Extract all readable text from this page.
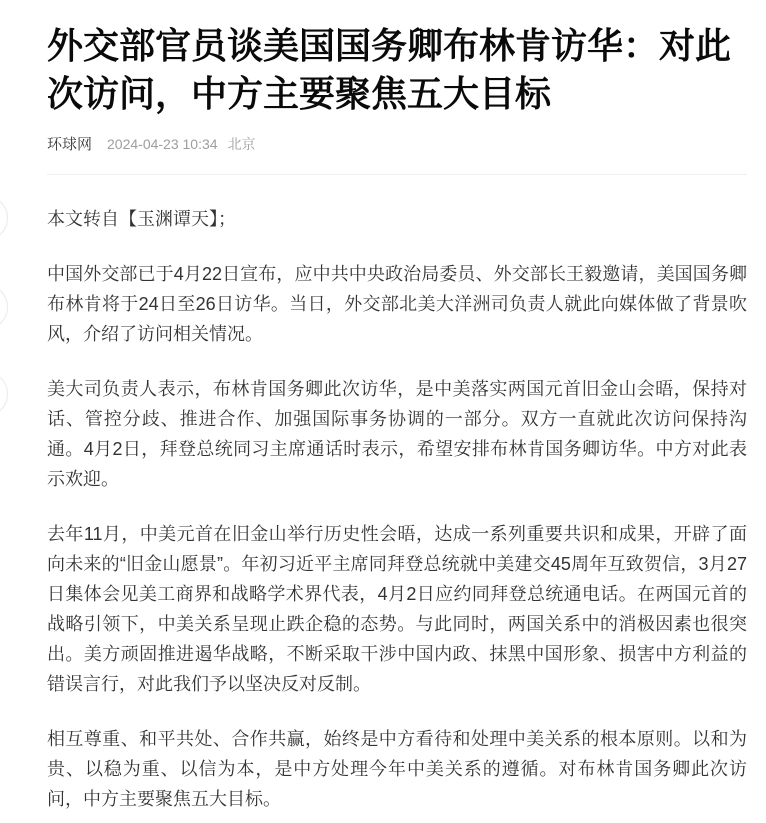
外交部官员谈美国国务卿布林肯访华：对此次访问，中方主要聚焦五大目标
环球网 2024-04-23 10:34 北京

本文转自【玉渊谭天】；

中国外交部已于4月22日宣布，应中共中央政治局委员、外交部长王毅邀请，美国国务卿布林肯将于24日至26日访华。当日，外交部北美大洋洲司负责人就此向媒体做了背景吹风，介绍了访问相关情况。

美大司负责人表示，布林肯国务卿此次访华，是中美落实两国元首旧金山会晤，保持对话、管控分歧、推进合作、加强国际事务协调的一部分。双方一直就此次访问保持沟通。4月2日，拜登总统同习主席通话时表示，希望安排布林肯国务卿访华。中方对此表示欢迎。

去年11月，中美元首在旧金山举行历史性会晤，达成一系列重要共识和成果，开辟了面向未来的“旧金山愿景”。年初习近平主席同拜登总统就中美建交45周年互致贺信，3月27日集体会见美工商界和战略学术界代表，4月2日应约同拜登总统通电话。在两国元首的战略引领下，中美关系呈现止跌企稳的态势。与此同时，两国关系中的消极因素也很突出。美方顽固推进遏华战略，不断采取干涉中国内政、抹黑中国形象、损害中方利益的错误言行，对此我们予以坚决反对反制。

相互尊重、和平共处、合作共赢，始终是中方看待和处理中美关系的根本原则。以和为贵、以稳为重、以信为本，是中方处理今年中美关系的遵循。对布林肯国务卿此次访问，中方主要聚焦五大目标。
